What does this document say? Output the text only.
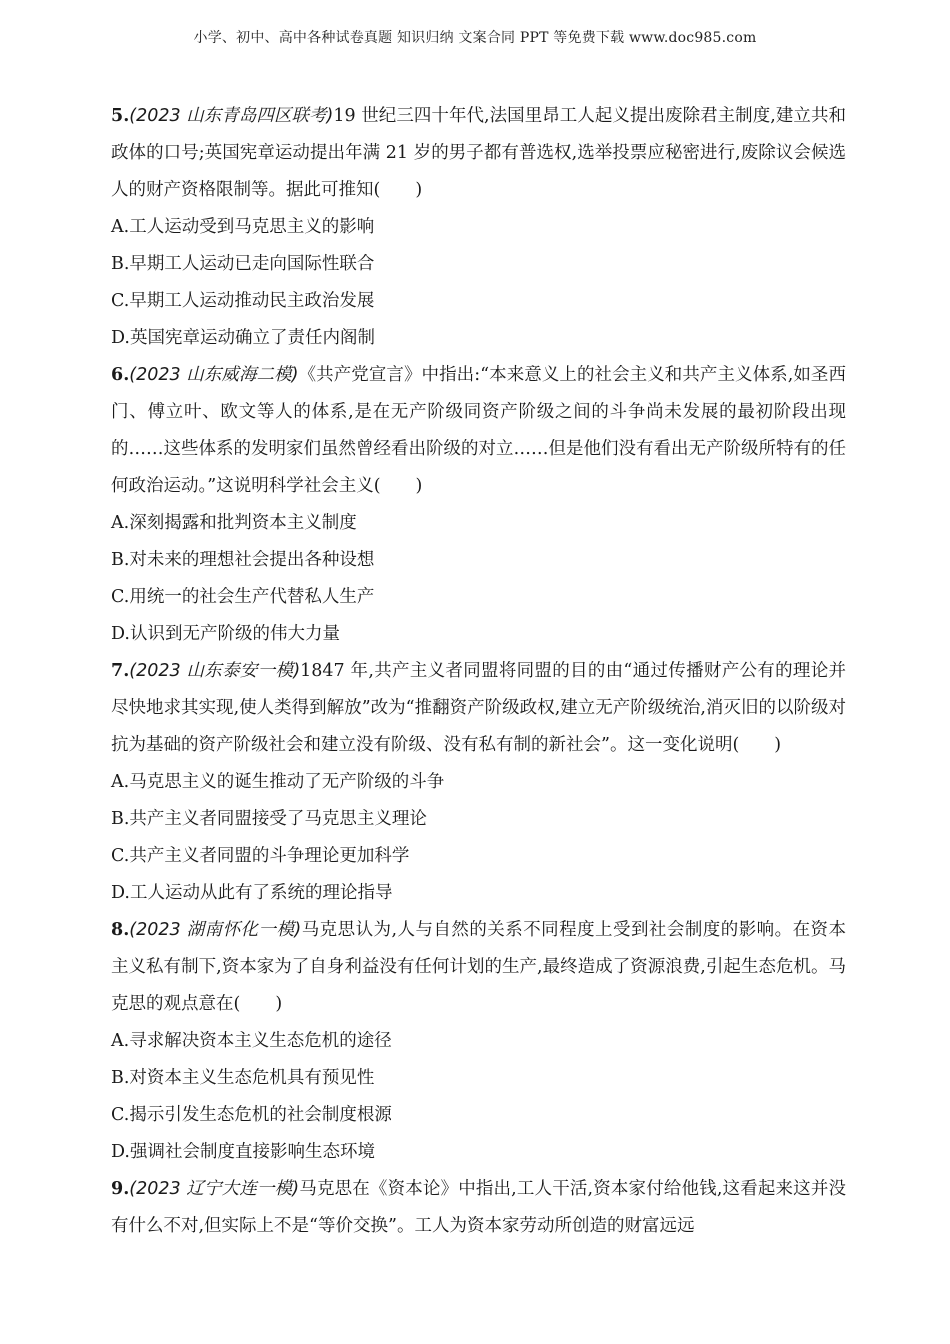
小学、初中、高中各种试卷真题 知识归纳 文案合同 PPT 等免费下载 www.doc985.com

5.(2023 山东青岛四区联考)19 世纪三四十年代,法国里昂工人起义提出废除君主制度,建立共和政体的口号;英国宪章运动提出年满 21 岁的男子都有普选权,选举投票应秘密进行,废除议会候选人的财产资格限制等。据此可推知(　　)

A.工人运动受到马克思主义的影响

B.早期工人运动已走向国际性联合

C.早期工人运动推动民主政治发展

D.英国宪章运动确立了责任内阁制

6.(2023 山东威海二模)《共产党宣言》中指出:“本来意义上的社会主义和共产主义体系,如圣西门、傅立叶、欧文等人的体系,是在无产阶级同资产阶级之间的斗争尚未发展的最初阶段出现的……这些体系的发明家们虽然曾经看出阶级的对立……但是他们没有看出无产阶级所特有的任何政治运动。”这说明科学社会主义(　　)

A.深刻揭露和批判资本主义制度

B.对未来的理想社会提出各种设想

C.用统一的社会生产代替私人生产

D.认识到无产阶级的伟大力量

7.(2023 山东泰安一模)1847 年,共产主义者同盟将同盟的目的由“通过传播财产公有的理论并尽快地求其实现,使人类得到解放”改为“推翻资产阶级政权,建立无产阶级统治,消灭旧的以阶级对抗为基础的资产阶级社会和建立没有阶级、没有私有制的新社会”。这一变化说明(　　)

A.马克思主义的诞生推动了无产阶级的斗争

B.共产主义者同盟接受了马克思主义理论

C.共产主义者同盟的斗争理论更加科学

D.工人运动从此有了系统的理论指导

8.(2023 湖南怀化一模)马克思认为,人与自然的关系不同程度上受到社会制度的影响。在资本主义私有制下,资本家为了自身利益没有任何计划的生产,最终造成了资源浪费,引起生态危机。马克思的观点意在(　　)

A.寻求解决资本主义生态危机的途径

B.对资本主义生态危机具有预见性

C.揭示引发生态危机的社会制度根源

D.强调社会制度直接影响生态环境

9.(2023 辽宁大连一模)马克思在《资本论》中指出,工人干活,资本家付给他钱,这看起来这并没有什么不对,但实际上不是“等价交换”。工人为资本家劳动所创造的财富远远
